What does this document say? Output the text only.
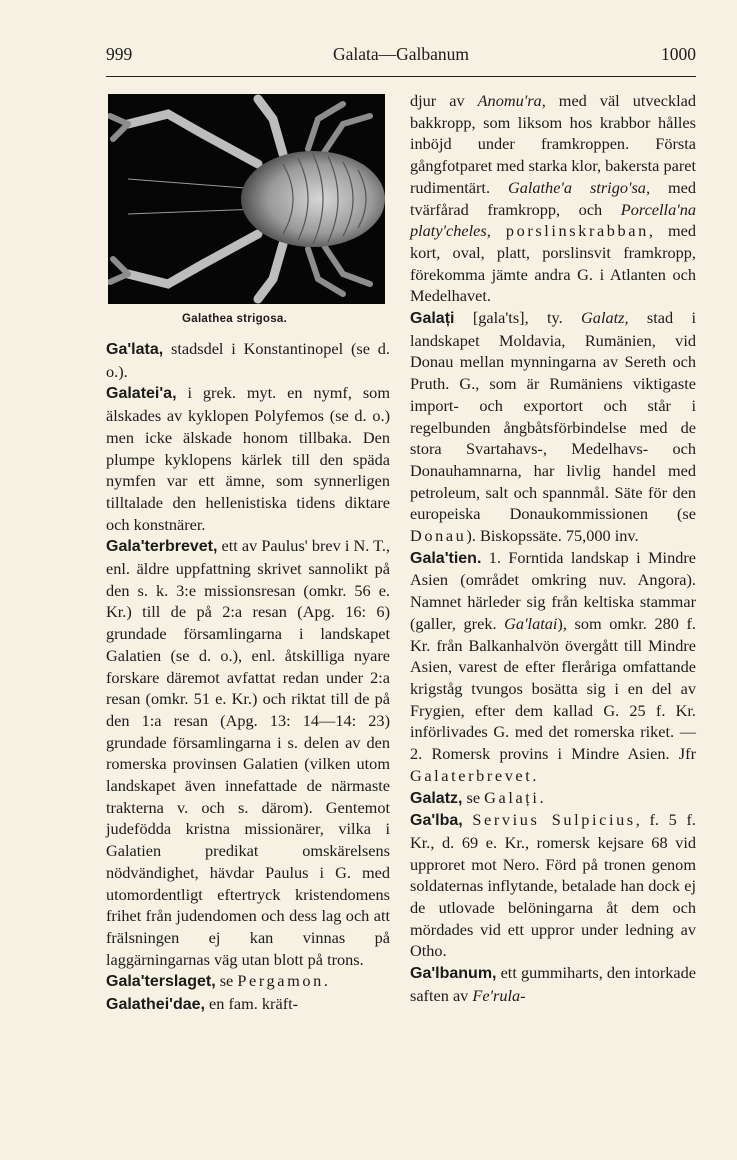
999	Galata—Galbanum	1000
Galathea strigosa.

Ga'lata, stadsdel i Konstantinopel (se d. o.).

Galatei'a, i grek. myt. en nymf, som älskades av kyklopen Polyfemos (se d. o.) men icke älskade honom tillbaka. Den plumpe kyklopens kärlek till den späda nymfen var ett ämne, som synnerligen tilltalade den hellenistiska tidens diktare och konstnärer.

Gala'terbrevet, ett av Paulus' brev i N. T., enl. äldre uppfattning skrivet sannolikt på den s. k. 3:e missionsresan (omkr. 56 e. Kr.) till de på 2:a resan (Apg. 16: 6) grundade församlingarna i landskapet Galatien (se d. o.), enl. åtskilliga nyare forskare däremot avfattat redan under 2:a resan (omkr. 51 e. Kr.) och riktat till de på den 1:a resan (Apg. 13: 14—14: 23) grundade församlingarna i s. delen av den romerska provinsen Galatien (vilken utom landskapet även innefattade de närmaste trakterna v. och s. därom). Gentemot judefödda kristna missionärer, vilka i Galatien predikat omskärelsens nödvändighet, hävdar Paulus i G. med utomordentligt eftertryck kristendomens frihet från judendomen och dess lag och att frälsningen ej kan vinnas på laggärningarnas väg utan blott på trons.

Gala'terslaget, se Pergamon.

Galathei'dae, en fam. kräft-

djur av Anomu'ra, med väl utvecklad bakkropp, som liksom hos krabbor hålles inböjd under framkroppen. Första gångfotparet med starka klor, bakersta paret rudimentärt. Galathe'a strigo'sa, med tvärfårad framkropp, och Porcella'na platy'cheles, porslinskrabban, med kort, oval, platt, porslinsvit framkropp, förekomma jämte andra G. i Atlanten och Medelhavet.

Galați [gala'ts], ty. Galatz, stad i landskapet Moldavia, Rumänien, vid Donau mellan mynningarna av Sereth och Pruth. G., som är Rumäniens viktigaste import- och exportort och står i regelbunden ångbåtsförbindelse med de stora Svartahavs-, Medelhavs- och Donauhamnarna, har livlig handel med petroleum, salt och spannmål. Säte för den europeiska Donaukommissionen (se Donau). Biskopssäte. 75,000 inv.

Gala'tien. 1. Forntida landskap i Mindre Asien (området omkring nuv. Angora). Namnet härleder sig från keltiska stammar (galler, grek. Ga'latai), som omkr. 280 f. Kr. från Balkanhalvön övergått till Mindre Asien, varest de efter fleråriga omfattande krigståg tvungos bosätta sig i en del av Frygien, efter dem kallad G. 25 f. Kr. införlivades G. med det romerska riket. — 2. Romersk provins i Mindre Asien. Jfr Galaterbrevet.

Galatz, se Galați.

Ga'lba, Servius Sulpicius, f. 5 f. Kr., d. 69 e. Kr., romersk kejsare 68 vid upproret mot Nero. Förd på tronen genom soldaternas inflytande, betalade han dock ej de utlovade belöningarna åt dem och mördades vid ett uppror under ledning av Otho.

Ga'lbanum, ett gummiharts, den intorkade saften av Fe'rula-
